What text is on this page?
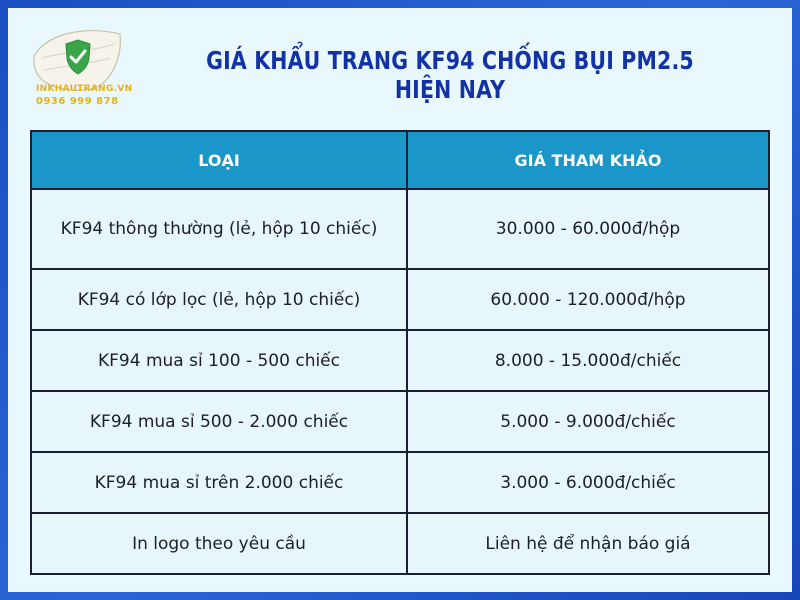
INKHAUTRANG.VN
0936 999 878
GIÁ KHẨU TRANG KF94 CHỐNG BỤI PM2.5 HIỆN NAY
LOẠI	GIÁ THAM KHẢO
KF94 thông thường (lẻ, hộp 10 chiếc)	30.000 - 60.000đ/hộp
KF94 có lớp lọc (lẻ, hộp 10 chiếc)	60.000 - 120.000đ/hộp
KF94 mua sỉ 100 - 500 chiếc	8.000 - 15.000đ/chiếc
KF94 mua sỉ 500 - 2.000 chiếc	5.000 - 9.000đ/chiếc
KF94 mua sỉ trên 2.000 chiếc	3.000 - 6.000đ/chiếc
In logo theo yêu cầu	Liên hệ để nhận báo giá
